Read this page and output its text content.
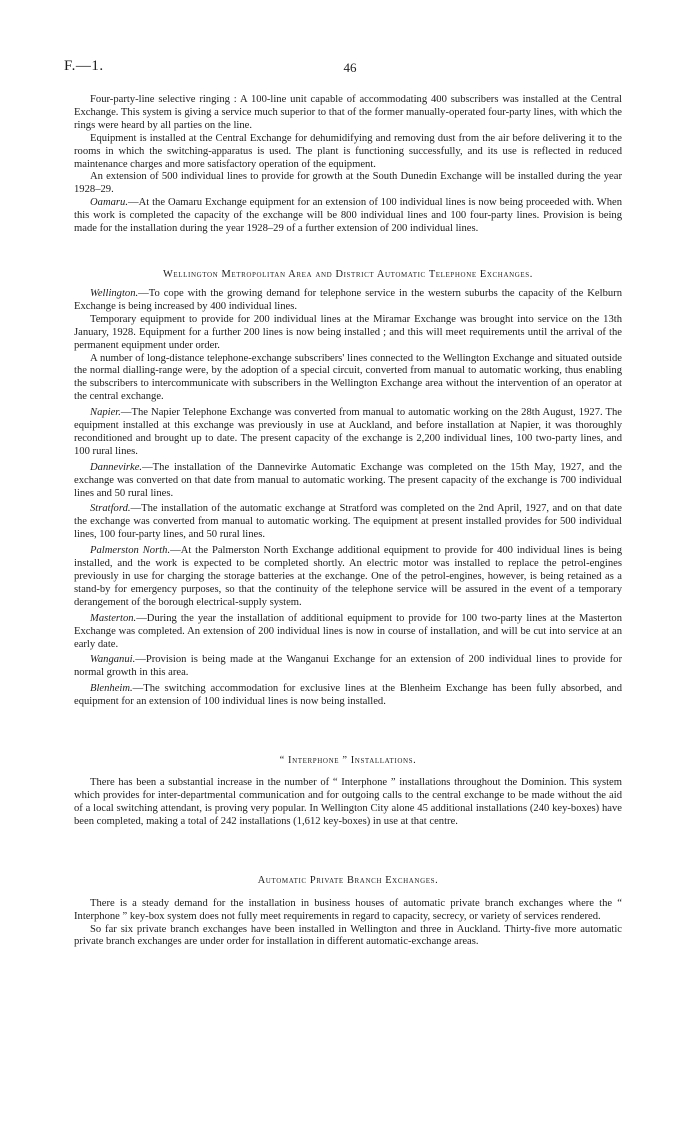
F.—1.	46

Four-party-line selective ringing : A 100-line unit capable of accommodating 400 subscribers was installed at the Central Exchange. This system is giving a service much superior to that of the former manually-operated four-party lines, with which the rings were heard by all parties on the line.

Equipment is installed at the Central Exchange for dehumidifying and removing dust from the air before delivering it to the rooms in which the switching-apparatus is used. The plant is functioning successfully, and its use is reflected in reduced maintenance charges and more satisfactory operation of the equipment.

An extension of 500 individual lines to provide for growth at the South Dunedin Exchange will be installed during the year 1928–29.

Oamaru.—At the Oamaru Exchange equipment for an extension of 100 individual lines is now being proceeded with. When this work is completed the capacity of the exchange will be 800 individual lines and 100 four-party lines. Provision is being made for the installation during the year 1928–29 of a further extension of 200 individual lines.

Wellington Metropolitan Area and District Automatic Telephone Exchanges.

Wellington.—To cope with the growing demand for telephone service in the western suburbs the capacity of the Kelburn Exchange is being increased by 400 individual lines.

Temporary equipment to provide for 200 individual lines at the Miramar Exchange was brought into service on the 13th January, 1928. Equipment for a further 200 lines is now being installed ; and this will meet requirements until the arrival of the permanent equipment under order.

A number of long-distance telephone-exchange subscribers' lines connected to the Wellington Exchange and situated outside the normal dialling-range were, by the adoption of a special circuit, converted from manual to automatic working, thus enabling the subscribers to intercommunicate with subscribers in the Wellington Exchange area without the intervention of an operator at the central exchange.

Napier.—The Napier Telephone Exchange was converted from manual to automatic working on the 28th August, 1927. The equipment installed at this exchange was previously in use at Auckland, and before installation at Napier, it was thoroughly reconditioned and brought up to date. The present capacity of the exchange is 2,200 individual lines, 100 two-party lines, and 100 rural lines.

Dannevirke.—The installation of the Dannevirke Automatic Exchange was completed on the 15th May, 1927, and the exchange was converted on that date from manual to automatic working. The present capacity of the exchange is 700 individual lines and 50 rural lines.

Stratford.—The installation of the automatic exchange at Stratford was completed on the 2nd April, 1927, and on that date the exchange was converted from manual to automatic working. The equipment at present installed provides for 500 individual lines, 100 four-party lines, and 50 rural lines.

Palmerston North.—At the Palmerston North Exchange additional equipment to provide for 400 individual lines is being installed, and the work is expected to be completed shortly. An electric motor was installed to replace the petrol-engines previously in use for charging the storage batteries at the exchange. One of the petrol-engines, however, is being retained as a stand-by for emergency purposes, so that the continuity of the telephone service will be assured in the event of a temporary derangement of the borough electrical-supply system.

Masterton.—During the year the installation of additional equipment to provide for 100 two-party lines at the Masterton Exchange was completed. An extension of 200 individual lines is now in course of installation, and will be cut into service at an early date.

Wanganui.—Provision is being made at the Wanganui Exchange for an extension of 200 individual lines to provide for normal growth in this area.

Blenheim.—The switching accommodation for exclusive lines at the Blenheim Exchange has been fully absorbed, and equipment for an extension of 100 individual lines is now being installed.

“ Interphone ” Installations.

There has been a substantial increase in the number of “ Interphone ” installations throughout the Dominion. This system which provides for inter-departmental communication and for outgoing calls to the central exchange to be made without the aid of a local switching attendant, is proving very popular. In Wellington City alone 45 additional installations (240 key-boxes) have been completed, making a total of 242 installations (1,612 key-boxes) in use at that centre.

Automatic Private Branch Exchanges.

There is a steady demand for the installation in business houses of automatic private branch exchanges where the “ Interphone ” key-box system does not fully meet requirements in regard to capacity, secrecy, or variety of services rendered.

So far six private branch exchanges have been installed in Wellington and three in Auckland. Thirty-five more automatic private branch exchanges are under order for installation in different automatic-exchange areas.
